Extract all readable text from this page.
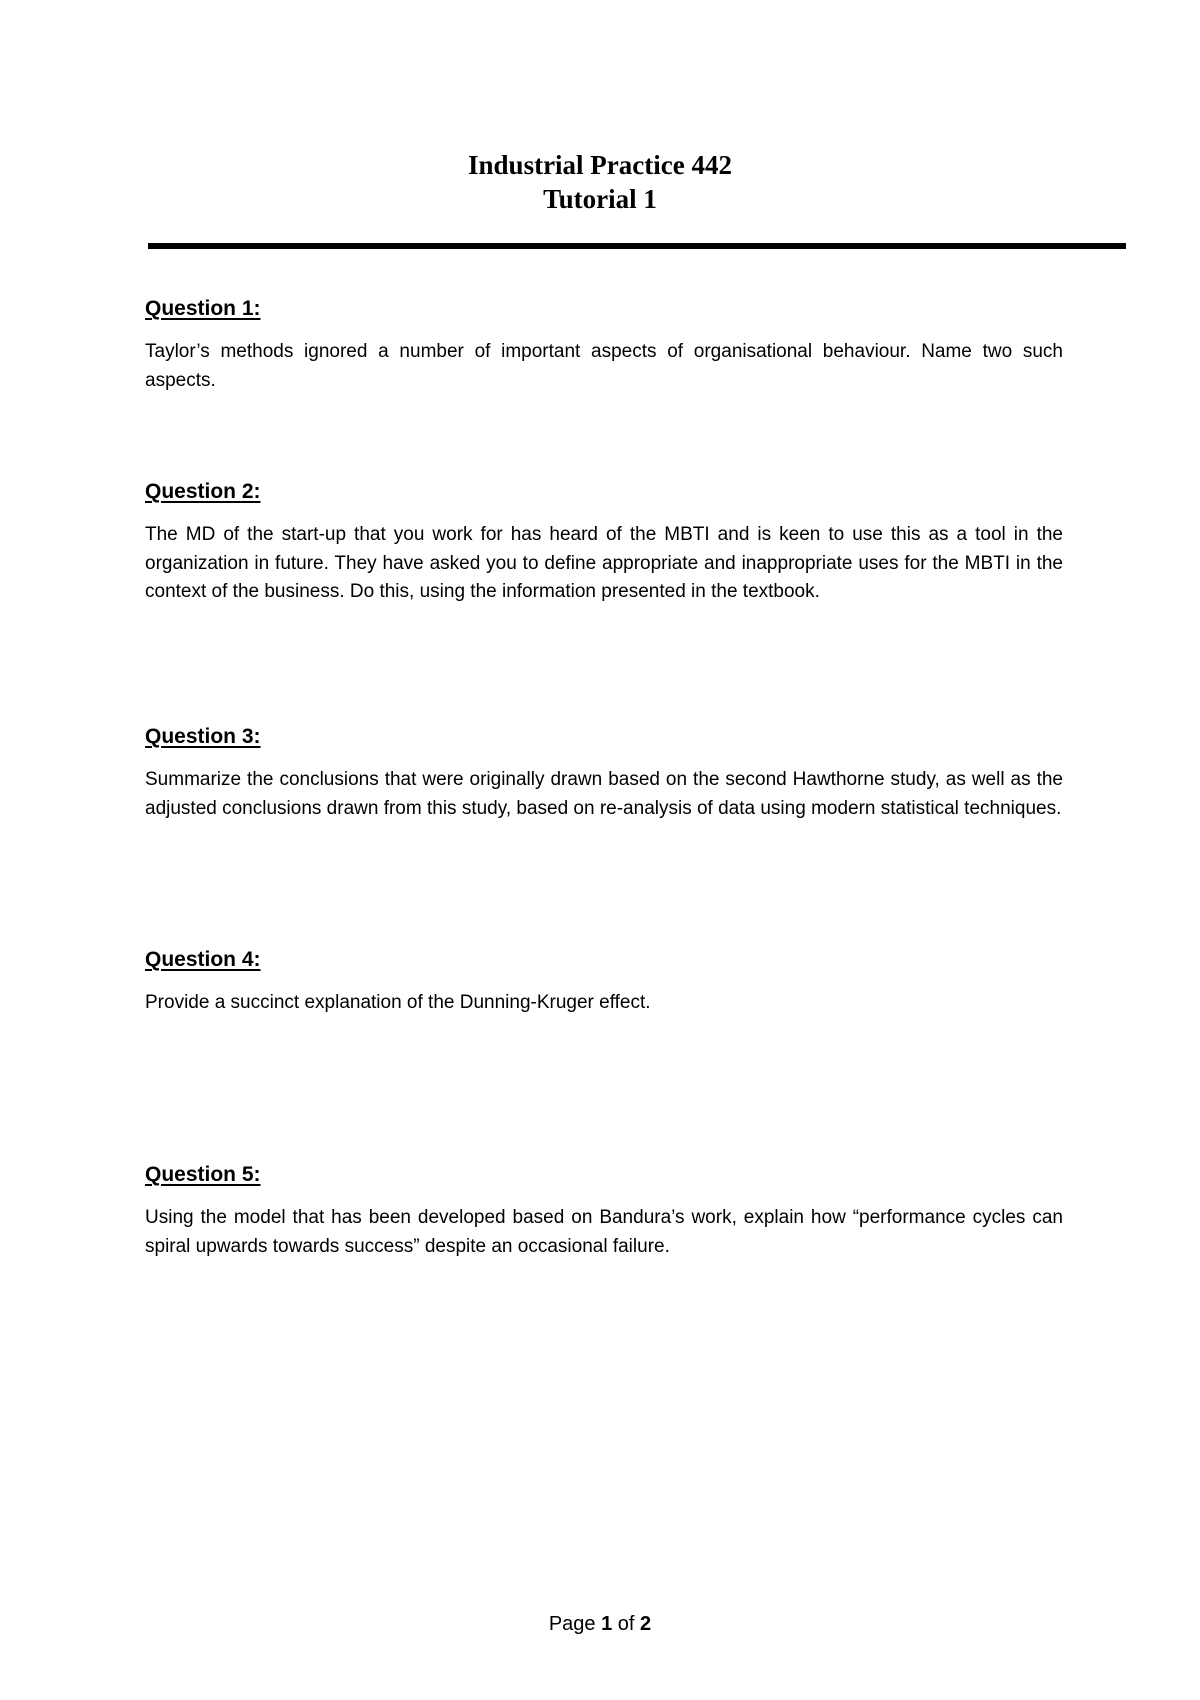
Industrial Practice 442
Tutorial 1
Question 1:

Taylor’s methods ignored a number of important aspects of organisational behaviour. Name two such aspects.

Question 2:

The MD of the start-up that you work for has heard of the MBTI and is keen to use this as a tool in the organization in future. They have asked you to define appropriate and inappropriate uses for the MBTI in the context of the business. Do this, using the information presented in the textbook.

Question 3:

Summarize the conclusions that were originally drawn based on the second Hawthorne study, as well as the adjusted conclusions drawn from this study, based on re-analysis of data using modern statistical techniques.

Question 4:

Provide a succinct explanation of the Dunning-Kruger effect.

Question 5:

Using the model that has been developed based on Bandura’s work, explain how “performance cycles can spiral upwards towards success” despite an occasional failure.

Page 1 of 2
